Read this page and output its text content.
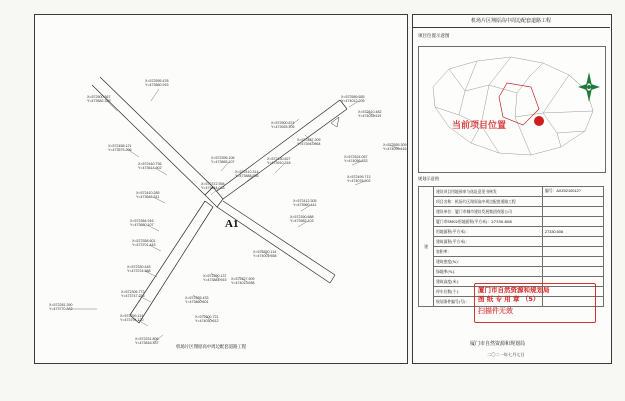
A1
X=572500.367
Y=473582.355
X=572595.478
Y=473660.915
X=572458.121
Y=473575.206
X=572440.736
Y=473614.902
X=572410.285
Y=473648.311
X=572384.916
Y=473680.107
X=572358.601
Y=473701.443
X=572330.445
Y=473724.588
X=572306.772
Y=473747.236
X=572281.390
Y=473770.882
X=572259.114
Y=473794.120
X=572231.806
Y=473818.337
X=572265.433
Y=473860.601
X=572290.137
Y=473884.915
X=572395.106
Y=473865.107
X=572372.558
Y=473844.033
X=572410.314
Y=473888.556
X=572430.627
Y=473910.318
X=572500.874
Y=473925.205
X=572487.209
Y=473943.864
X=572412.305
Y=473960.441
X=572390.688
Y=473982.103
X=572350.114
Y=474001.558
X=572300.721
Y=474030.612
X=572327.509
Y=474013.288
X=572589.655
Y=474012.205
X=572610.482
Y=474033.119
X=572524.067
Y=474056.833
X=572499.713
Y=474076.902
X=572555.309
Y=474095.416
机场片区翔原高中周边配套道路工程
机场片区翔原高中周边配套道路工程
项目位置示意图
当前项目位置
规划示意图
建	建设项目用地预审与选址意见书核发	编号：AXZ0210012?
	项目名称：机场片区翔原高中周边配套道路工程	
	建设单位：厦门市城市建设发展集团有限公司	
	厦门市SM02用地面积(平方米)：27330.608	
	用地面积(平方米)：	27330.608
	建筑面积(平方米)：	
	容积率：	
	建筑密度(%)：	
	绿地率(%)：	
	建筑高度(米)：	
	停车位数(个)：	
	规划条件编号(号)：	
厦门市自然资源和规划局
图 纸 专 用 章 （5）
扫描件无效
厦门市自然资源和规划局
二〇二一年七月七日
